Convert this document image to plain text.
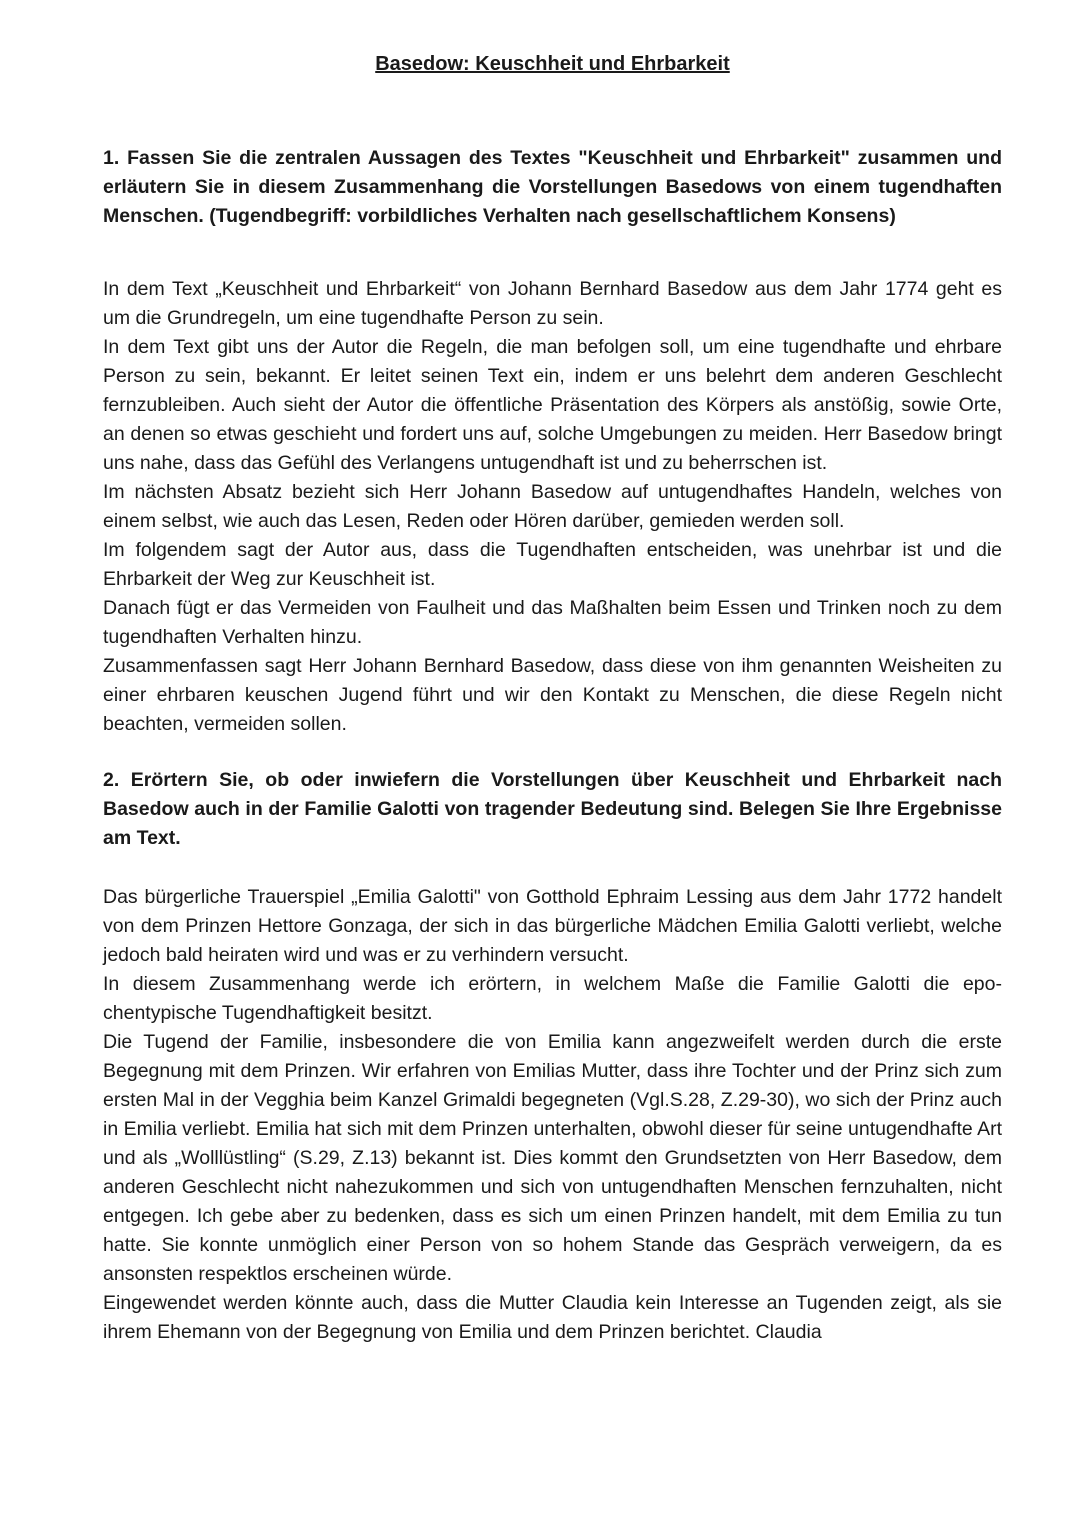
Basedow: Keuschheit und Ehrbarkeit

1. Fassen Sie die zentralen Aussagen des Textes "Keuschheit und Ehrbarkeit" zusammen und erläutern Sie in diesem Zusammenhang die Vorstellungen Basedows von einem tugendhaften Menschen. (Tugendbegriff: vorbildliches Verhalten nach gesellschaftlichem Konsens)

In dem Text „Keuschheit und Ehrbarkeit“ von Johann Bernhard Basedow aus dem Jahr 1774 geht es um die Grundregeln, um eine tugendhafte Person zu sein.

In dem Text gibt uns der Autor die Regeln, die man befolgen soll, um eine tugendhafte und ehrbare Person zu sein, bekannt. Er leitet seinen Text ein, indem er uns belehrt dem anderen Geschlecht fernzubleiben. Auch sieht der Autor die öffentliche Präsentation des Körpers als anstößig, sowie Orte, an denen so etwas geschieht und fordert uns auf, solche Umgebungen zu meiden. Herr Basedow bringt uns nahe, dass das Gefühl des Verlangens untugendhaft ist und zu beherrschen ist.

Im nächsten Absatz bezieht sich Herr Johann Basedow auf untugendhaftes Handeln, welches von einem selbst, wie auch das Lesen, Reden oder Hören darüber, gemieden werden soll.

Im folgendem sagt der Autor aus, dass die Tugendhaften entscheiden, was unehrbar ist und die Ehrbarkeit der Weg zur Keuschheit ist.

Danach fügt er das Vermeiden von Faulheit und das Maßhalten beim Essen und Trinken noch zu dem tugendhaften Verhalten hinzu.

Zusammenfassen sagt Herr Johann Bernhard Basedow, dass diese von ihm genannten Weisheiten zu einer ehrbaren keuschen Jugend führt und wir den Kontakt zu Menschen, die diese Regeln nicht beachten, vermeiden sollen.

2. Erörtern Sie, ob oder inwiefern die Vorstellungen über Keuschheit und Ehrbarkeit nach Basedow auch in der Familie Galotti von tragender Bedeutung sind. Belegen Sie Ihre Ergebnisse am Text.

Das bürgerliche Trauerspiel „Emilia Galotti" von Gotthold Ephraim Lessing aus dem Jahr 1772 handelt von dem Prinzen Hettore Gonzaga, der sich in das bürgerliche Mädchen Emilia Galotti verliebt, welche jedoch bald heiraten wird und was er zu verhindern versucht.

In diesem Zusammenhang werde ich erörtern, in welchem Maße die Familie Galotti die epochentypische Tugendhaftigkeit besitzt.

Die Tugend der Familie, insbesondere die von Emilia kann angezweifelt werden durch die erste Begegnung mit dem Prinzen. Wir erfahren von Emilias Mutter, dass ihre Tochter und der Prinz sich zum ersten Mal in der Vegghia beim Kanzel Grimaldi begegneten (Vgl.S.28, Z.29-30), wo sich der Prinz auch in Emilia verliebt. Emilia hat sich mit dem Prinzen unterhalten, obwohl dieser für seine untugendhafte Art und als „Wolllüstling“ (S.29, Z.13) bekannt ist. Dies kommt den Grundsetzten von Herr Basedow, dem anderen Geschlecht nicht nahezukommen und sich von untugendhaften Menschen fernzuhalten, nicht entgegen. Ich gebe aber zu bedenken, dass es sich um einen Prinzen handelt, mit dem Emilia zu tun hatte. Sie konnte unmöglich einer Person von so hohem Stande das Gespräch verweigern, da es ansonsten respektlos erscheinen würde.

Eingewendet werden könnte auch, dass die Mutter Claudia kein Interesse an Tugenden zeigt, als sie ihrem Ehemann von der Begegnung von Emilia und dem Prinzen berichtet. Claudia
